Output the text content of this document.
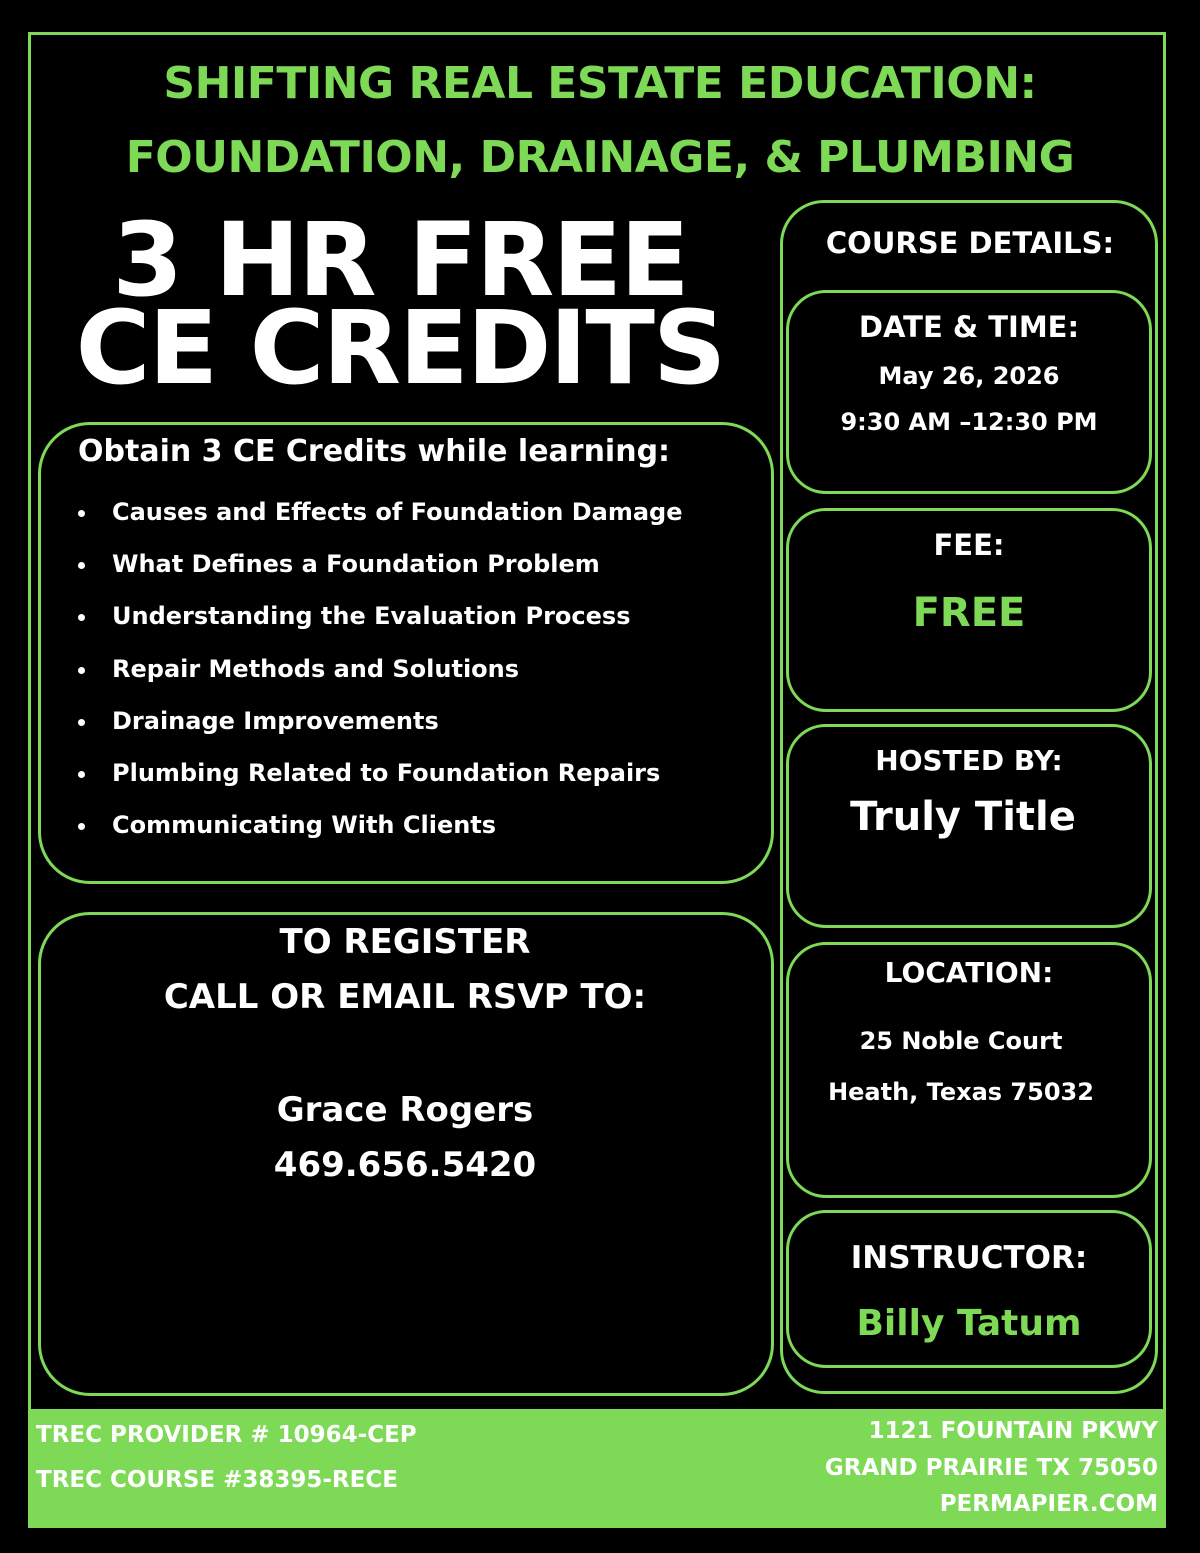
SHIFTING REAL ESTATE EDUCATION:
FOUNDATION, DRAINAGE, & PLUMBING
3 HR FREE
CE CREDITS
Obtain 3 CE Credits while learning:
Causes and Effects of Foundation Damage
What Defines a Foundation Problem
Understanding the Evaluation Process
Repair Methods and Solutions
Drainage Improvements
Plumbing Related to Foundation Repairs
Communicating With Clients
TO REGISTER
CALL OR EMAIL RSVP TO:
Grace Rogers
469.656.5420
COURSE DETAILS:
DATE & TIME:
May 26, 2026
9:30 AM –12:30 PM
FEE:
FREE
HOSTED BY:
Truly Title
LOCATION:
25 Noble Court
Heath, Texas 75032
INSTRUCTOR:
Billy Tatum
TREC PROVIDER # 10964-CEP
TREC COURSE #38395-RECE
1121 FOUNTAIN PKWY
GRAND PRAIRIE TX 75050
PERMAPIER.COM
